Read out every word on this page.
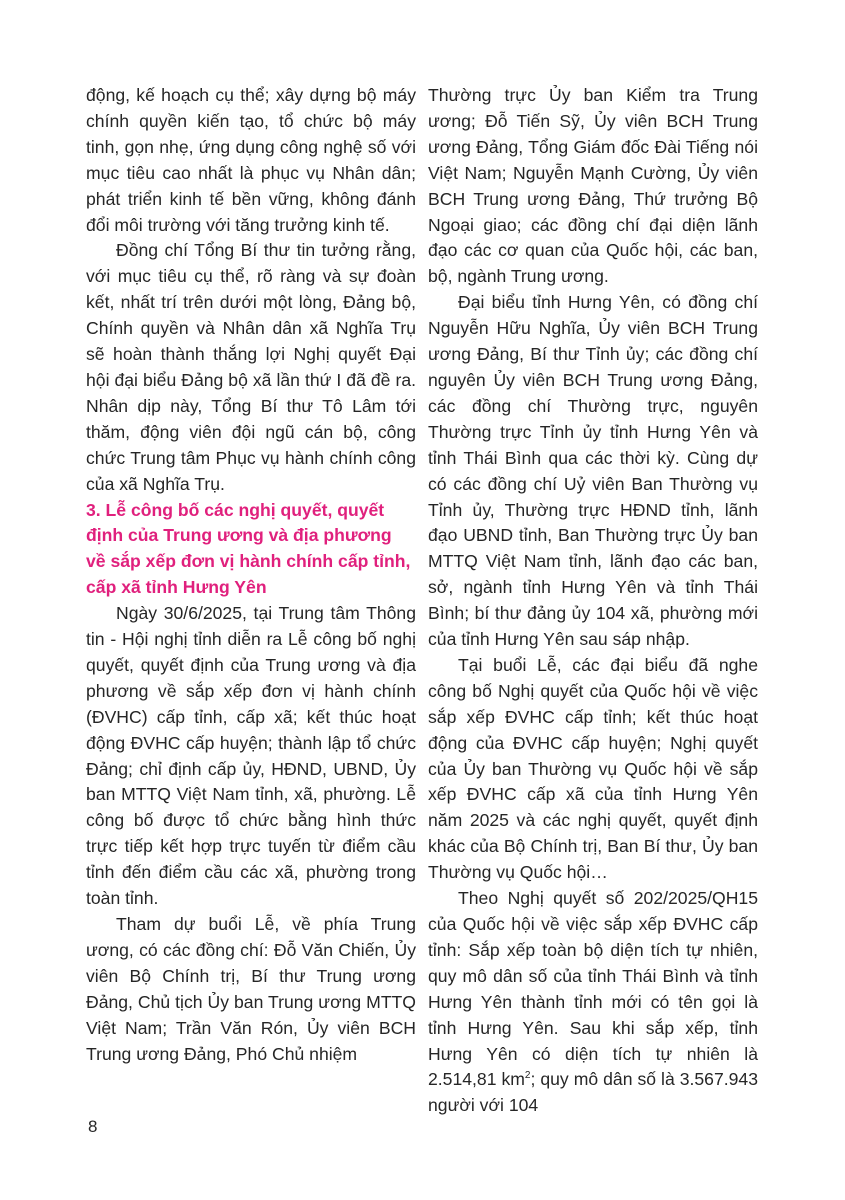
động, kế hoạch cụ thể; xây dựng bộ máy chính quyền kiến tạo, tổ chức bộ máy tinh, gọn nhẹ, ứng dụng công nghệ số với mục tiêu cao nhất là phục vụ Nhân dân; phát triển kinh tế bền vững, không đánh đổi môi trường với tăng trưởng kinh tế.

Đồng chí Tổng Bí thư tin tưởng rằng, với mục tiêu cụ thể, rõ ràng và sự đoàn kết, nhất trí trên dưới một lòng, Đảng bộ, Chính quyền và Nhân dân xã Nghĩa Trụ sẽ hoàn thành thắng lợi Nghị quyết Đại hội đại biểu Đảng bộ xã lần thứ I đã đề ra. Nhân dịp này, Tổng Bí thư Tô Lâm tới thăm, động viên đội ngũ cán bộ, công chức Trung tâm Phục vụ hành chính công của xã Nghĩa Trụ.

3. Lễ công bố các nghị quyết, quyết định của Trung ương và địa phương về sắp xếp đơn vị hành chính cấp tỉnh, cấp xã tỉnh Hưng Yên

Ngày 30/6/2025, tại Trung tâm Thông tin - Hội nghị tỉnh diễn ra Lễ công bố nghị quyết, quyết định của Trung ương và địa phương về sắp xếp đơn vị hành chính (ĐVHC) cấp tỉnh, cấp xã; kết thúc hoạt động ĐVHC cấp huyện; thành lập tổ chức Đảng; chỉ định cấp ủy, HĐND, UBND, Ủy ban MTTQ Việt Nam tỉnh, xã, phường. Lễ công bố được tổ chức bằng hình thức trực tiếp kết hợp trực tuyến từ điểm cầu tỉnh đến điểm cầu các xã, phường trong toàn tỉnh.

Tham dự buổi Lễ, về phía Trung ương, có các đồng chí: Đỗ Văn Chiến, Ủy viên Bộ Chính trị, Bí thư Trung ương Đảng, Chủ tịch Ủy ban Trung ương MTTQ Việt Nam; Trần Văn Rón, Ủy viên BCH Trung ương Đảng, Phó Chủ nhiệm

Thường trực Ủy ban Kiểm tra Trung ương; Đỗ Tiến Sỹ, Ủy viên BCH Trung ương Đảng, Tổng Giám đốc Đài Tiếng nói Việt Nam; Nguyễn Mạnh Cường, Ủy viên BCH Trung ương Đảng, Thứ trưởng Bộ Ngoại giao; các đồng chí đại diện lãnh đạo các cơ quan của Quốc hội, các ban, bộ, ngành Trung ương.

Đại biểu tỉnh Hưng Yên, có đồng chí Nguyễn Hữu Nghĩa, Ủy viên BCH Trung ương Đảng, Bí thư Tỉnh ủy; các đồng chí nguyên Ủy viên BCH Trung ương Đảng, các đồng chí Thường trực, nguyên Thường trực Tỉnh ủy tỉnh Hưng Yên và tỉnh Thái Bình qua các thời kỳ. Cùng dự có các đồng chí Uỷ viên Ban Thường vụ Tỉnh ủy, Thường trực HĐND tỉnh, lãnh đạo UBND tỉnh, Ban Thường trực Ủy ban MTTQ Việt Nam tỉnh, lãnh đạo các ban, sở, ngành tỉnh Hưng Yên và tỉnh Thái Bình; bí thư đảng ủy 104 xã, phường mới của tỉnh Hưng Yên sau sáp nhập.

Tại buổi Lễ, các đại biểu đã nghe công bố Nghị quyết của Quốc hội về việc sắp xếp ĐVHC cấp tỉnh; kết thúc hoạt động của ĐVHC cấp huyện; Nghị quyết của Ủy ban Thường vụ Quốc hội về sắp xếp ĐVHC cấp xã của tỉnh Hưng Yên năm 2025 và các nghị quyết, quyết định khác của Bộ Chính trị, Ban Bí thư, Ủy ban Thường vụ Quốc hội…

Theo Nghị quyết số 202/2025/QH15 của Quốc hội về việc sắp xếp ĐVHC cấp tỉnh: Sắp xếp toàn bộ diện tích tự nhiên, quy mô dân số của tỉnh Thái Bình và tỉnh Hưng Yên thành tỉnh mới có tên gọi là tỉnh Hưng Yên. Sau khi sắp xếp, tỉnh Hưng Yên có diện tích tự nhiên là 2.514,81 $km^2$; quy mô dân số là 3.567.943 người với 104

8
